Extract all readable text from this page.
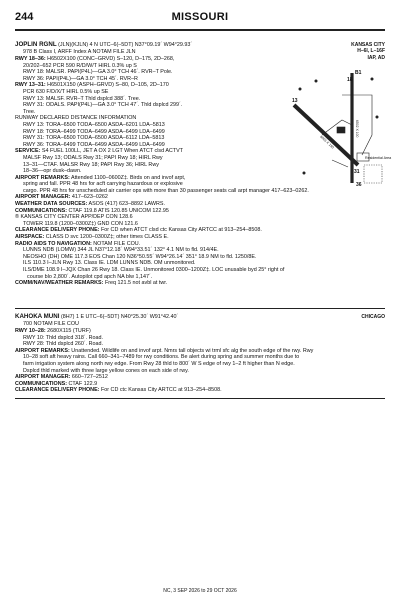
244	MISSOURI
JOPLIN RGNL (JLN)(KJLN) 4 N UTC–6(–5DT) N37°09.19´ W94°29.93´
978 B Class I, ARFF Index A NOTAM FILE JLN
KANSAS CITY
H–6I, L–16F
IAP, AD
RWY 18–36: H6502X100 (CONC–GRVD) S–120, D–175, 2D–268,
20/202–652 PCR 590 R/D/W/T HIRL 0.3% up S
RWY 18: MALSR. PAPI(P4L)—GA 3.0° TCH 46´. RVR–T Pole.
RWY 36: PAPI(P4L)—GA 3.0° TCH 45´. RVR–R
RWY 13–31: H6501X150 (ASPH–GRVD) S–80, D–105, 2D–170
PCR 630 F/D/X/T HIRL 0.5% up SE
RWY 13: MALSF. RVR–T Thld dsplcd 388´. Tree.
RWY 31: ODALS. PAPI(P4L)—GA 3.0° TCH 47´. Thld dsplcd 299´.
Tree.
RUNWAY DECLARED DISTANCE INFORMATION
RWY 13: TORA–6500 TODA–6500 ASDA–6201 LDA–5813
RWY 18: TORA–6499 TODA–6499 ASDA–6499 LDA–6499
RWY 31: TORA–6500 TODA–6500 ASDA–6112 LDA–5813
RWY 36: TORA–6499 TODA–6499 ASDA–6499 LDA–6499
SERVICE: S4 FUEL 100LL, JET A OX 2 LGT When ATCT clsd ACTVT
MALSF Rwy 13; ODALS Rwy 31; PAPI Rwy 18; HIRL Rwy
13–31—CTAF. MALSR Rwy 18; PAPI Rwy 36; HIRL Rwy
18–36—opr dusk–dawn.
AIRPORT REMARKS: Attended 1100–0600Z‡. Birds on and invof arpt,
spring and fall. PPR 48 hrs for acft carrying hazardous or explosive
cargo. PPR 48 hrs for unscheduled air carrier ops with more than 30 passenger seats call arpt manager 417–623–0262.
AIRPORT MANAGER: 417–623–0262
WEATHER DATA SOURCES: ASOS (417) 623–8892 LAWRS.
COMMUNICATIONS: CTAF 119.8 ATIS 120.85 UNICOM 122.95
® KANSAS CITY CENTER APP/DEP CON 128.6
TOWER 119.8 (1200–0300Z‡) GND CON 121.6
CLEARANCE DELIVERY PHONE: For CD when ATCT clsd ctc Kansas City ARTCC at 913–254–8508.
AIRSPACE: CLASS D svc 1200–0300Z‡; other times CLASS E.
RADIO AIDS TO NAVIGATION: NOTAM FILE COU.
LUNNS NDB (LOMW) 344 JL N37°12.18´ W94°33.51´ 132° 4.1 NM to fld. 914/4E.
NEOSHO (DH) OME 117.3 EOS Chan 120 N36°50.55´ W94°26.14´ 351° 18.9 NM to fld. 1250/8E.
ILS 110.3 I–JLN Rwy 13. Class IE. LDM LUNNS NDB. OM unmonitored.
ILS/DME 108.9 I–JQX Chan 26 Rwy 18. Class IE. Unmonitored 0300–1200Z‡. LOC unusable byd 25° right of
course blo 2,800´. Autopilot cpd apch NA blw 1,147´.
COMM/NAV/WEATHER REMARKS: Freq 121.5 not avbl at twr.
B1
18
13
31
36
Residential Area
6501 X 150
6502 X 100
KAHOKA MUNI (8H7) 1 E UTC–6(–5DT) N40°25.30´ W91°42.40´
700 NOTAM FILE COU
CHICAGO
RWY 10–28: 2680X115 (TURF)
RWY 10: Thld dsplcd 318´. Road.
RWY 28: Thld dsplcd 260´. Road.
AIRPORT REMARKS: Unattended. Wildlife on and invof arpt. Nmrs tall objects wi trml sfc alg the south edge of the rwy. Rwy
10–28 soft aft heavy rains. Call 660–341–7489 for rwy conditions. Be alert during spring and summer months due to
farm irrigation system along north rwy edge. From Rwy 28 thld to 800´ W S edge of rwy 1–2 ft higher than N edge.
Dsplcd thld marked with three large yellow cones on each side of rwy.
AIRPORT MANAGER: 660–727–2512
COMMUNICATIONS: CTAF 122.9
CLEARANCE DELIVERY PHONE: For CD ctc Kansas City ARTCC at 913–254–8508.
NC, 3 SEP 2026 to 29 OCT 2026
